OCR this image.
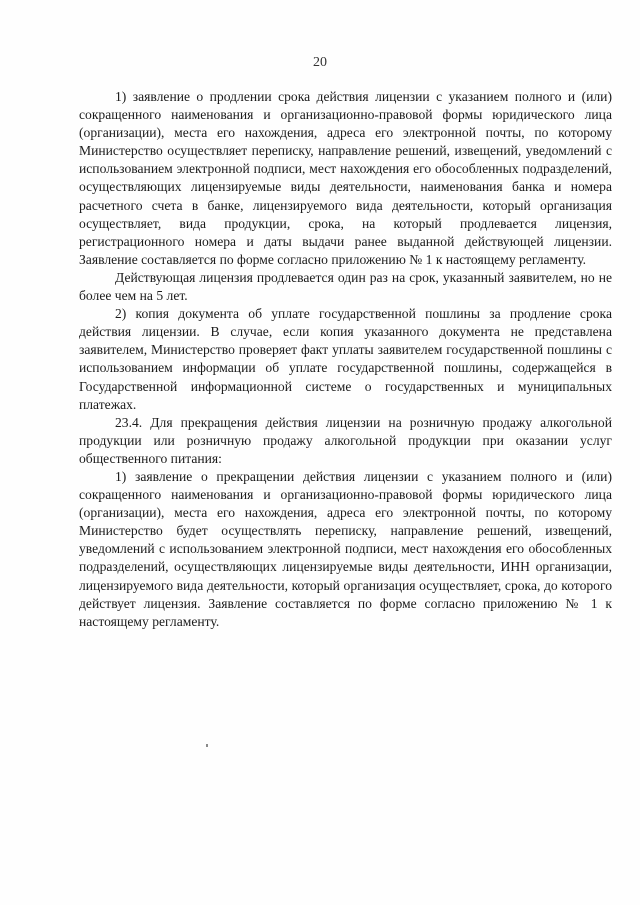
20

1) заявление о продлении срока действия лицензии с указанием полного и (или) сокращенного наименования и организационно-правовой формы юридического лица (организации), места его нахождения, адреса его электронной почты, по которому Министерство осуществляет переписку, направление решений, извещений, уведомлений с использованием электронной подписи, мест нахождения его обособленных подразделений, осуществляющих лицензируемые виды деятельности, наименования банка и номера расчетного счета в банке, лицензируемого вида деятельности, который организация осуществляет, вида продукции, срока, на который продлевается лицензия, регистрационного номера и даты выдачи ранее выданной действующей лицензии. Заявление составляется по форме согласно приложению № 1 к настоящему регламенту.

Действующая лицензия продлевается один раз на срок, указанный заявителем, но не более чем на 5 лет.

2) копия документа об уплате государственной пошлины за продление срока действия лицензии. В случае, если копия указанного документа не представлена заявителем, Министерство проверяет факт уплаты заявителем государственной пошлины с использованием информации об уплате государственной пошлины, содержащейся в Государственной информационной системе о государственных и муниципальных платежах.

23.4. Для прекращения действия лицензии на розничную продажу алкогольной продукции или розничную продажу алкогольной продукции при оказании услуг общественного питания:

1) заявление о прекращении действия лицензии с указанием полного и (или) сокращенного наименования и организационно-правовой формы юридического лица (организации), места его нахождения, адреса его электронной почты, по которому Министерство будет осуществлять переписку, направление решений, извещений, уведомлений с использованием электронной подписи, мест нахождения его обособленных подразделений, осуществляющих лицензируемые виды деятельности, ИНН организации, лицензируемого вида деятельности, который организация осуществляет, срока, до которого действует лицензия. Заявление составляется по форме согласно приложению № 1 к настоящему регламенту.
